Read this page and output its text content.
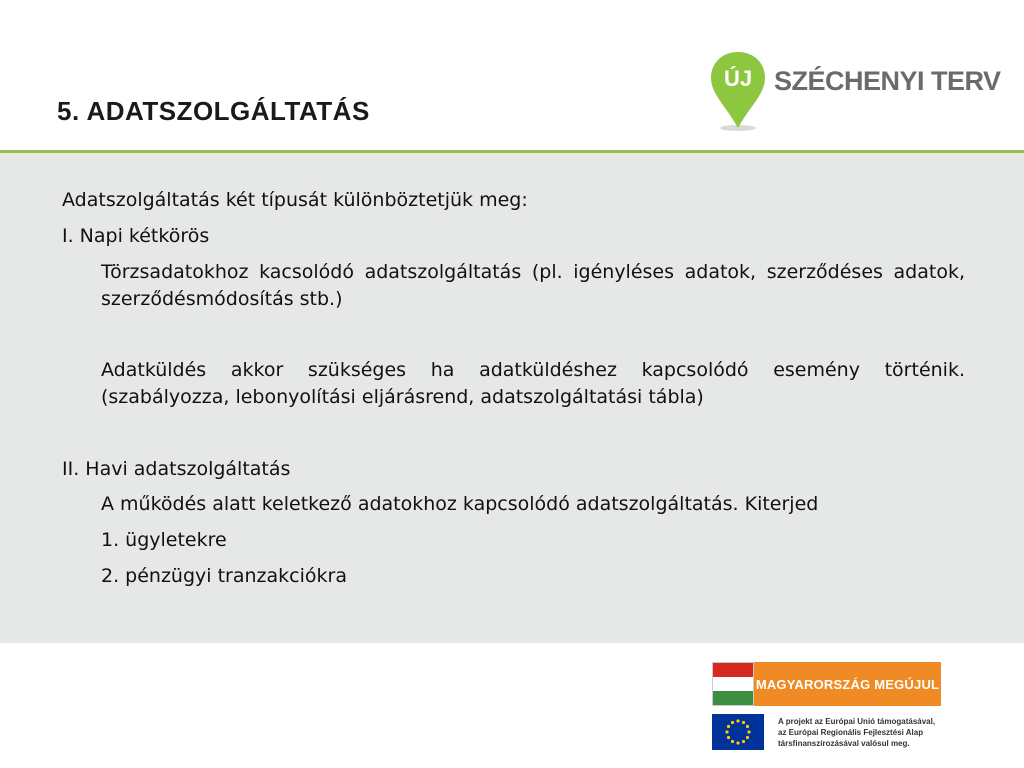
5. ADATSZOLGÁLTATÁS
ÚJ SZÉCHENYI TERV

Adatszolgáltatás két típusát különböztetjük meg:

I. Napi kétkörös

Törzsadatokhoz kacsolódó adatszolgáltatás (pl. igényléses adatok, szerződéses adatok, szerződésmódosítás stb.)

Adatküldés akkor szükséges ha adatküldéshez kapcsolódó esemény történik. (szabályozza, lebonyolítási eljárásrend, adatszolgáltatási tábla)

II. Havi adatszolgáltatás

A működés alatt keletkező adatokhoz kapcsolódó adatszolgáltatás. Kiterjed

1. ügyletekre

2. pénzügyi tranzakciókra

MAGYARORSZÁG MEGÚJUL
A projekt az Európai Unió támogatásával,
az Európai Regionális Fejlesztési Alap
társfinanszírozásával valósul meg.
